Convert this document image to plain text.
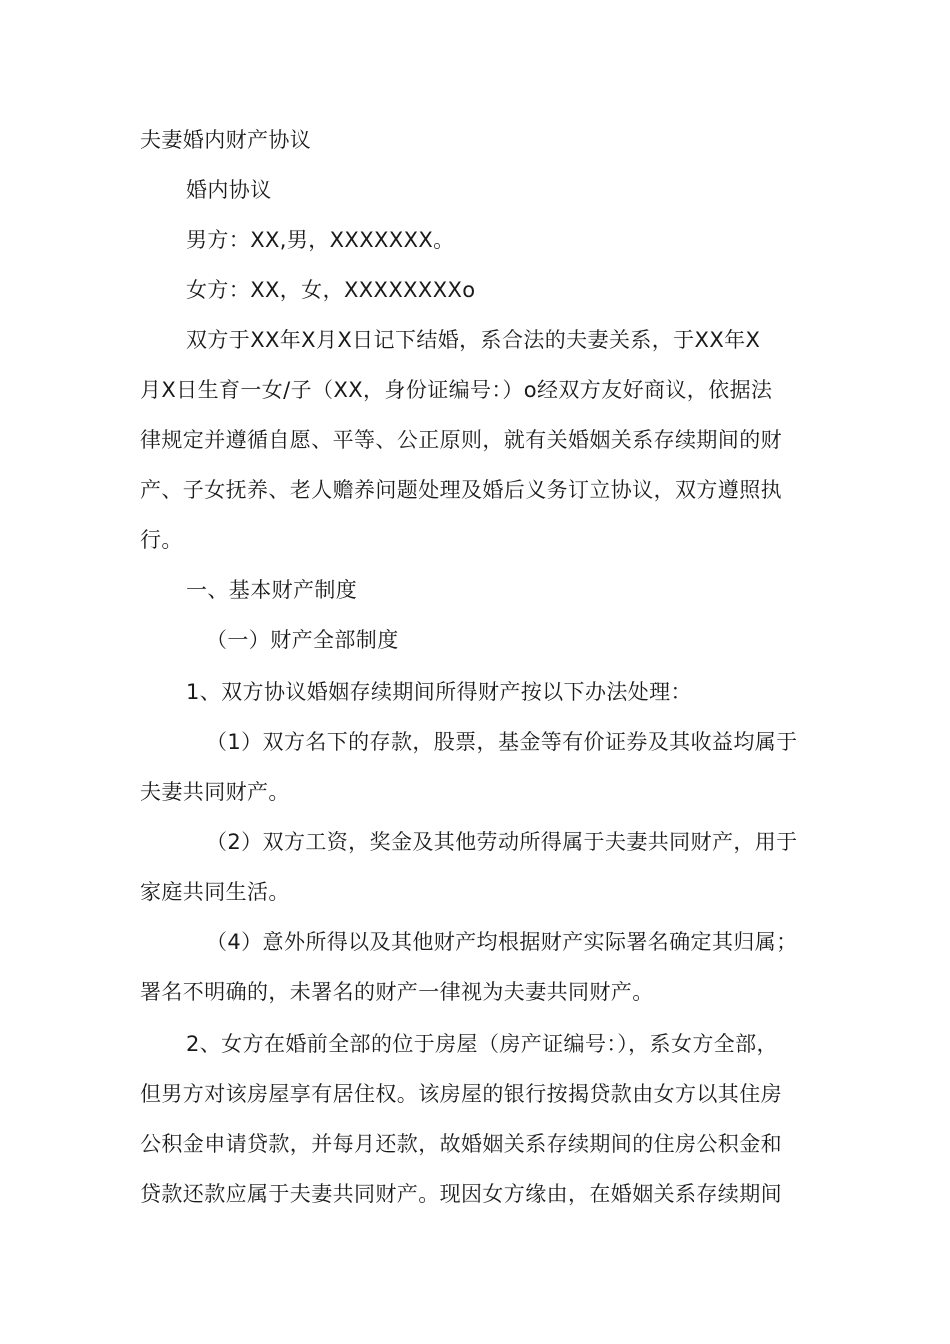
夫妻婚内财产协议
婚内协议
男方：XX,男，XXXXXXX。
女方：XX，女，XXXXXXXXo
双方于XX年X月X日记下结婚，系合法的夫妻关系，于XX年X
月X日生育一女/子（XX，身份证编号：）o经双方友好商议，依据法
律规定并遵循自愿、平等、公正原则，就有关婚姻关系存续期间的财
产、子女抚养、老人赡养问题处理及婚后义务订立协议，双方遵照执
行。
一、基本财产制度
（一）财产全部制度
1、双方协议婚姻存续期间所得财产按以下办法处理：
（1）双方名下的存款，股票，基金等有价证券及其收益均属于
夫妻共同财产。
（2）双方工资，奖金及其他劳动所得属于夫妻共同财产，用于
家庭共同生活。
（4）意外所得以及其他财产均根据财产实际署名确定其归属；
署名不明确的，未署名的财产一律视为夫妻共同财产。
2、女方在婚前全部的位于房屋（房产证编号：），系女方全部，
但男方对该房屋享有居住权。该房屋的银行按揭贷款由女方以其住房
公积金申请贷款，并每月还款，故婚姻关系存续期间的住房公积金和
贷款还款应属于夫妻共同财产。现因女方缘由，在婚姻关系存续期间
